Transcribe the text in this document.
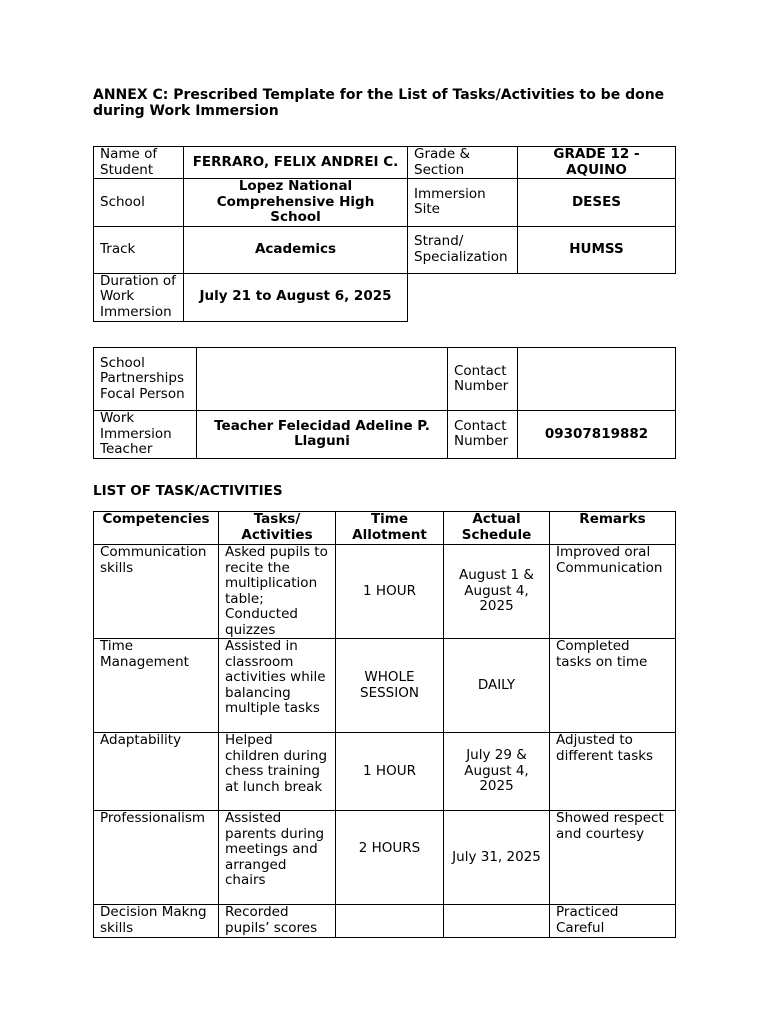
ANNEX C: Prescribed Template for the List of Tasks/Activities to be done during Work Immersion
Name of Student	FERRARO, FELIX ANDREI C.	Grade & Section	GRADE 12 - AQUINO
School	Lopez National Comprehensive High School	Immersion Site	DESES
Track	Academics	Strand/ Specialization	HUMSS
Duration of Work Immersion	July 21 to August 6, 2025		
School Partnerships Focal Person		Contact Number	
Work Immersion Teacher	Teacher Felecidad Adeline P. Llaguni	Contact Number	09307819882
LIST OF TASK/ACTIVITIES
Competencies	Tasks/ Activities	Time Allotment	Actual Schedule	Remarks
Communication skills	Asked pupils to recite the multiplication table; Conducted quizzes	1 HOUR	August 1 & August 4, 2025	Improved oral Communication
Time Management	Assisted in classroom activities while balancing multiple tasks	WHOLE SESSION	DAILY	Completed tasks on time
Adaptability	Helped children during chess training at lunch break	1 HOUR	July 29 & August 4, 2025	Adjusted to different tasks
Professionalism	Assisted parents during meetings and arranged chairs	2 HOURS	July 31, 2025	Showed respect and courtesy
Decision Makng skills	Recorded pupils’ scores			Practiced Careful
